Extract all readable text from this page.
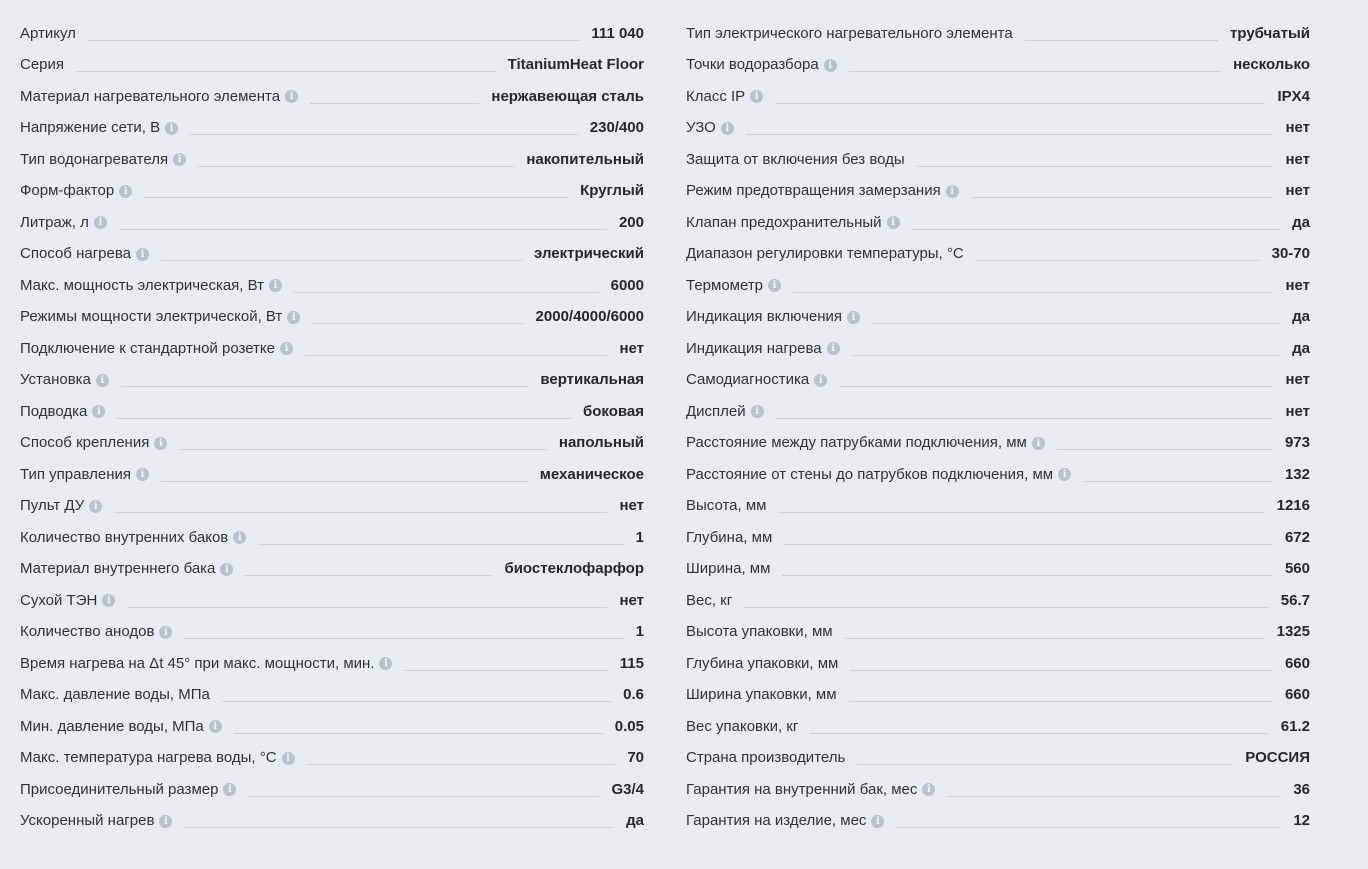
Артикул	111 040
Серия	TitaniumHeat Floor
Материал нагревательного элемента i	нержавеющая сталь
Напряжение сети, В i	230/400
Тип водонагревателя i	накопительный
Форм-фактор i	Круглый
Литраж, л i	200
Способ нагрева i	электрический
Макс. мощность электрическая, Вт i	6000
Режимы мощности электрической, Вт i	2000/4000/6000
Подключение к стандартной розетке i	нет
Установка i	вертикальная
Подводка i	боковая
Способ крепления i	напольный
Тип управления i	механическое
Пульт ДУ i	нет
Количество внутренних баков i	1
Материал внутреннего бака i	биостеклофарфор
Сухой ТЭН i	нет
Количество анодов i	1
Время нагрева на Δt 45° при макс. мощности, мин. i	115
Макс. давление воды, МПа	0.6
Мин. давление воды, МПа i	0.05
Макс. температура нагрева воды, °C i	70
Присоединительный размер i	G3/4
Ускоренный нагрев i	да
Тип электрического нагревательного элемента	трубчатый
Точки водоразбора i	несколько
Класс IP i	IPX4
УЗО i	нет
Защита от включения без воды	нет
Режим предотвращения замерзания i	нет
Клапан предохранительный i	да
Диапазон регулировки температуры, °C	30-70
Термометр i	нет
Индикация включения i	да
Индикация нагрева i	да
Самодиагностика i	нет
Дисплей i	нет
Расстояние между патрубками подключения, мм i	973
Расстояние от стены до патрубков подключения, мм i	132
Высота, мм	1216
Глубина, мм	672
Ширина, мм	560
Вес, кг	56.7
Высота упаковки, мм	1325
Глубина упаковки, мм	660
Ширина упаковки, мм	660
Вес упаковки, кг	61.2
Страна производитель	РОССИЯ
Гарантия на внутренний бак, мес i	36
Гарантия на изделие, мес i	12
